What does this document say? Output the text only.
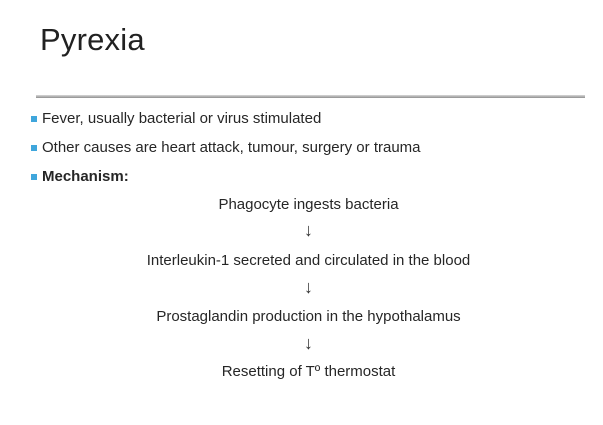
Pyrexia
Fever, usually bacterial or virus stimulated
Other causes are heart attack, tumour, surgery or trauma
Mechanism:
Phagocyte ingests bacteria
↓
Interleukin-1 secreted and circulated in the blood
↓
Prostaglandin production in the hypothalamus
↓
Resetting of Tº thermostat
